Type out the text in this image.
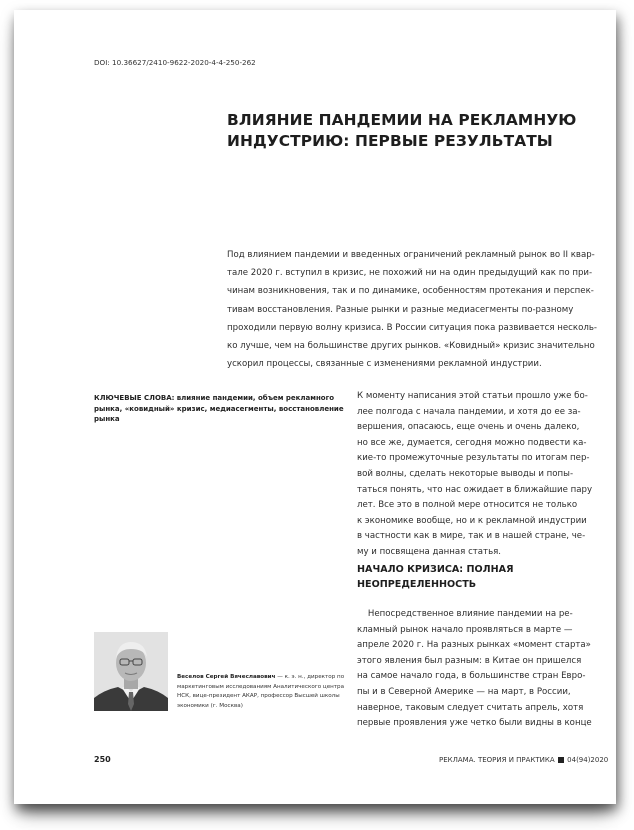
DOI: 10.36627/2410-9622-2020-4-4-250-262
ВЛИЯНИЕ ПАНДЕМИИ НА РЕКЛАМНУЮ
ИНДУСТРИЮ: ПЕРВЫЕ РЕЗУЛЬТАТЫ
Под влиянием пандемии и введенных ограничений рекламный рынок во II квар-
тале 2020 г. вступил в кризис, не похожий ни на один предыдущий как по при-
чинам возникновения, так и по динамике, особенностям протекания и перспек-
тивам восстановления. Разные рынки и разные медиасегменты по-разному
проходили первую волну кризиса. В России ситуация пока развивается несколь-
ко лучше, чем на большинстве других рынков. «Ковидный» кризис значительно
ускорил процессы, связанные с изменениями рекламной индустрии.
КЛЮЧЕВЫЕ СЛОВА: влияние пандемии, объем рекламного
рынка, «ковидный» кризис, медиасегменты, восстановление
рынка
К моменту написания этой статьи прошло уже бо-
лее полгода с начала пандемии, и хотя до ее за-
вершения, опасаюсь, еще очень и очень далеко,
но все же, думается, сегодня можно подвести ка-
кие-то промежуточные результаты по итогам пер-
вой волны, сделать некоторые выводы и попы-
таться понять, что нас ожидает в ближайшие пару
лет. Все это в полной мере относится не только
к экономике вообще, но и к рекламной индустрии
в частности как в мире, так и в нашей стране, че-
му и посвящена данная статья.
НАЧАЛО КРИЗИСА: ПОЛНАЯ
НЕОПРЕДЕЛЕННОСТЬ
Непосредственное влияние пандемии на ре-
кламный рынок начало проявляться в марте —
апреле 2020 г. На разных рынках «момент старта»
этого явления был разным: в Китае он пришелся
на самое начало года, в большинстве стран Евро-
пы и в Северной Америке — на март, в России,
наверное, таковым следует считать апрель, хотя
первые проявления уже четко были видны в конце
Веселов Сергей Вячеславович — к. э. н., директор по
маркетинговым исследованиям Аналитического центра
НСК, вице-президент АКАР, профессор Высшей школы
экономики (г. Москва)
250	РЕКЛАМА. ТЕОРИЯ И ПРАКТИКА 04(94)2020
